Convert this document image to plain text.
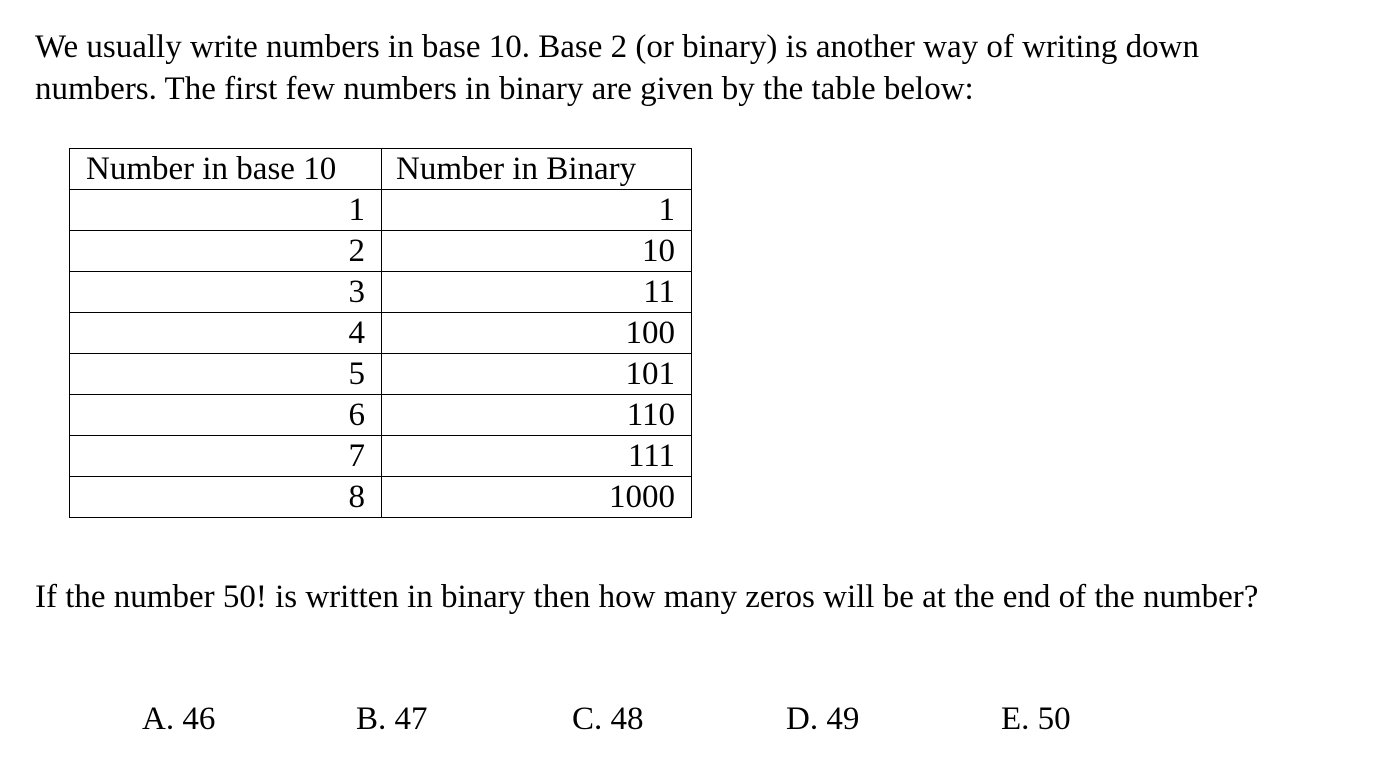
We usually write numbers in base 10. Base 2 (or binary) is another way of writing down
numbers. The first few numbers in binary are given by the table below:

Number in base 10	Number in Binary
1	1
2	10
3	11
4	100
5	101
6	110
7	111
8	1000

If the number 50! is written in binary then how many zeros will be at the end of the number?

A. 46	B. 47	C. 48	D. 49	E. 50
